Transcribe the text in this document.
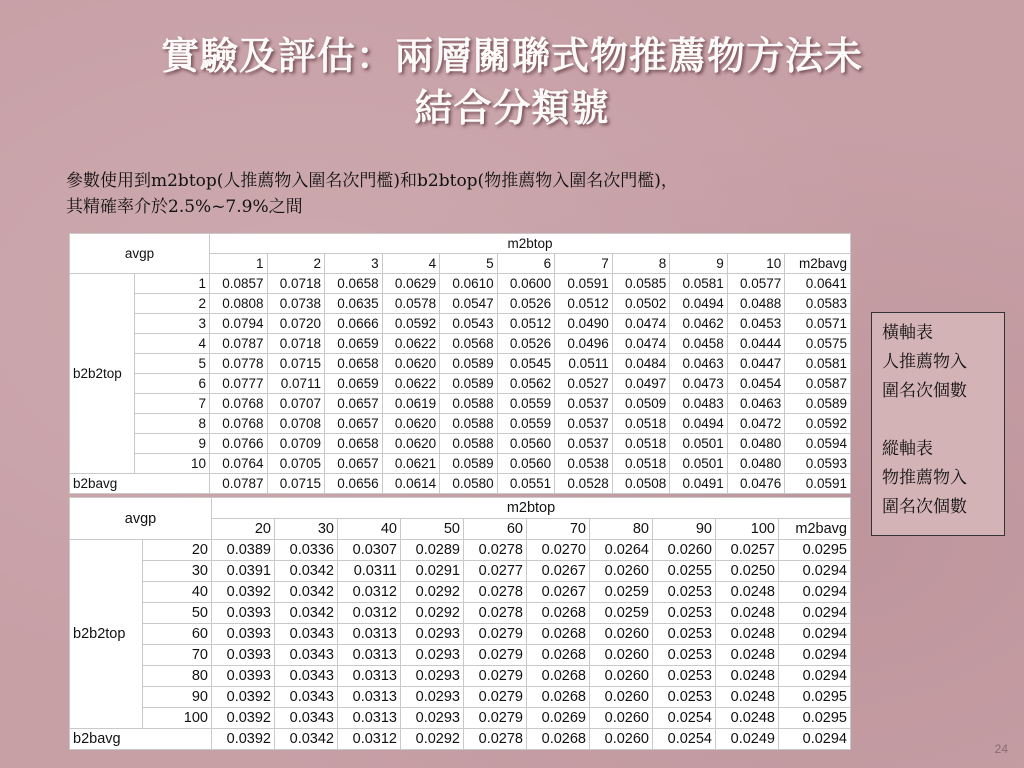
實驗及評估：兩層關聯式物推薦物方法未
結合分類號
參數使用到m2btop(人推薦物入圍名次門檻)和b2btop(物推薦物入圍名次門檻)，
其精確率介於2.5%~7.9%之間
avgp		m2btop										
		1	2	3	4	5	6	7	8	9	10	m2bavg
b2b2top	1	0.0857	0.0718	0.0658	0.0629	0.0610	0.0600	0.0591	0.0585	0.0581	0.0577	0.0641
	2	0.0808	0.0738	0.0635	0.0578	0.0547	0.0526	0.0512	0.0502	0.0494	0.0488	0.0583
	3	0.0794	0.0720	0.0666	0.0592	0.0543	0.0512	0.0490	0.0474	0.0462	0.0453	0.0571
	4	0.0787	0.0718	0.0659	0.0622	0.0568	0.0526	0.0496	0.0474	0.0458	0.0444	0.0575
	5	0.0778	0.0715	0.0658	0.0620	0.0589	0.0545	0.0511	0.0484	0.0463	0.0447	0.0581
	6	0.0777	0.0711	0.0659	0.0622	0.0589	0.0562	0.0527	0.0497	0.0473	0.0454	0.0587
	7	0.0768	0.0707	0.0657	0.0619	0.0588	0.0559	0.0537	0.0509	0.0483	0.0463	0.0589
	8	0.0768	0.0708	0.0657	0.0620	0.0588	0.0559	0.0537	0.0518	0.0494	0.0472	0.0592
	9	0.0766	0.0709	0.0658	0.0620	0.0588	0.0560	0.0537	0.0518	0.0501	0.0480	0.0594
	10	0.0764	0.0705	0.0657	0.0621	0.0589	0.0560	0.0538	0.0518	0.0501	0.0480	0.0593
b2bavg		0.0787	0.0715	0.0656	0.0614	0.0580	0.0551	0.0528	0.0508	0.0491	0.0476	0.0591
avgp		m2btop									
		20	30	40	50	60	70	80	90	100	m2bavg
b2b2top	20	0.0389	0.0336	0.0307	0.0289	0.0278	0.0270	0.0264	0.0260	0.0257	0.0295
	30	0.0391	0.0342	0.0311	0.0291	0.0277	0.0267	0.0260	0.0255	0.0250	0.0294
	40	0.0392	0.0342	0.0312	0.0292	0.0278	0.0267	0.0259	0.0253	0.0248	0.0294
	50	0.0393	0.0342	0.0312	0.0292	0.0278	0.0268	0.0259	0.0253	0.0248	0.0294
	60	0.0393	0.0343	0.0313	0.0293	0.0279	0.0268	0.0260	0.0253	0.0248	0.0294
	70	0.0393	0.0343	0.0313	0.0293	0.0279	0.0268	0.0260	0.0253	0.0248	0.0294
	80	0.0393	0.0343	0.0313	0.0293	0.0279	0.0268	0.0260	0.0253	0.0248	0.0294
	90	0.0392	0.0343	0.0313	0.0293	0.0279	0.0268	0.0260	0.0253	0.0248	0.0295
	100	0.0392	0.0343	0.0313	0.0293	0.0279	0.0269	0.0260	0.0254	0.0248	0.0295
b2bavg		0.0392	0.0342	0.0312	0.0292	0.0278	0.0268	0.0260	0.0254	0.0249	0.0294
橫軸表
人推薦物入
圍名次個數
縱軸表
物推薦物入
圍名次個數
24
